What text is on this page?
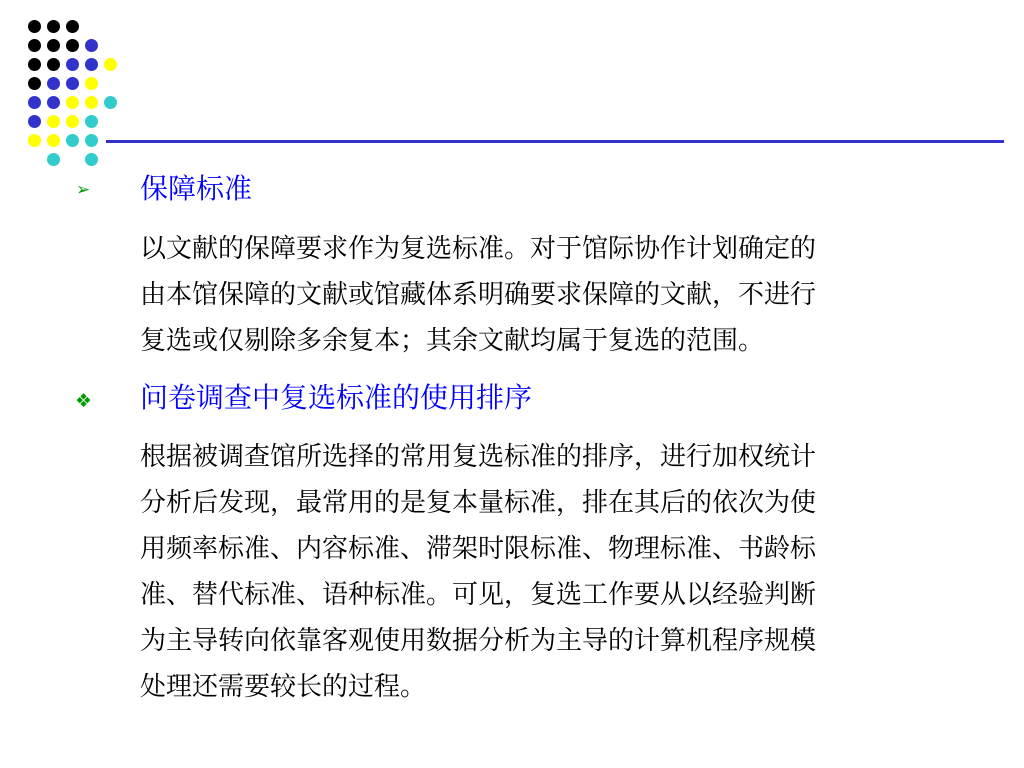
➢ 保障标准

以文献的保障要求作为复选标准。对于馆际协作计划确定的
由本馆保障的文献或馆藏体系明确要求保障的文献，不进行
复选或仅剔除多余复本；其余文献均属于复选的范围。

❖ 问卷调查中复选标准的使用排序

根据被调查馆所选择的常用复选标准的排序，进行加权统计
分析后发现，最常用的是复本量标准，排在其后的依次为使
用频率标准、内容标准、滞架时限标准、物理标准、书龄标
准、替代标准、语种标准。可见，复选工作要从以经验判断
为主导转向依靠客观使用数据分析为主导的计算机程序规模
处理还需要较长的过程。
